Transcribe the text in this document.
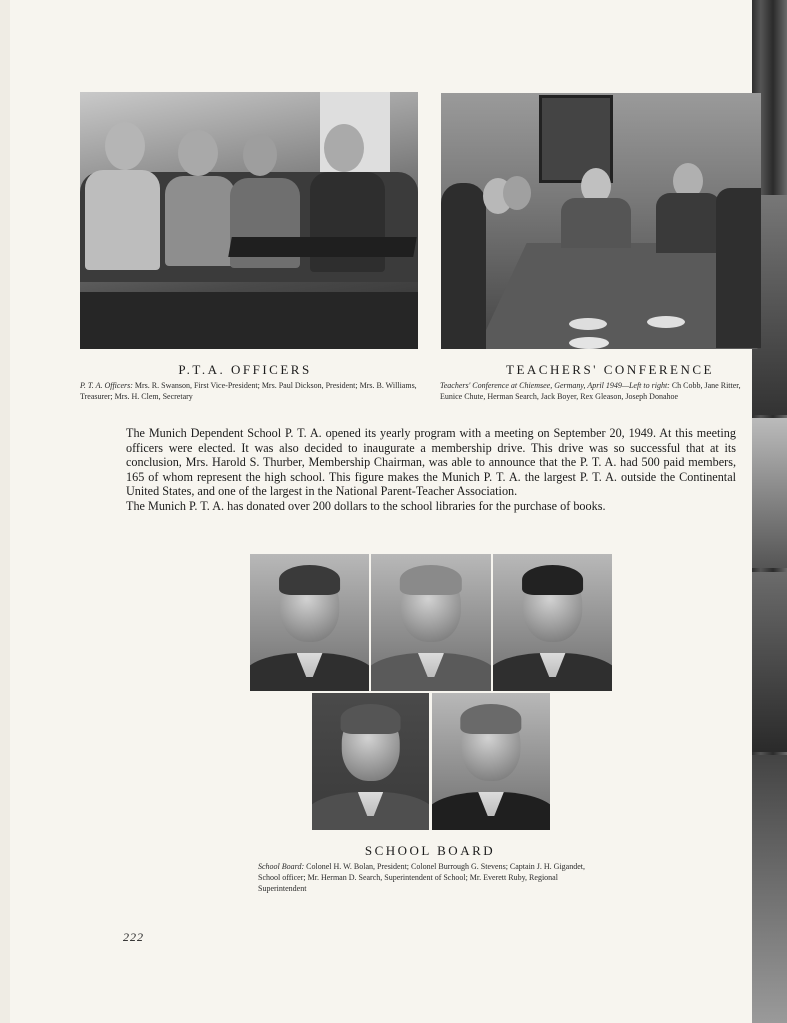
P.T.A. OFFICERS
P. T. A. Officers: Mrs. R. Swanson, First Vice-President; Mrs. Paul Dickson, President; Mrs. B. Williams, Treasurer; Mrs. H. Clem, Secretary
TEACHERS' CONFERENCE
Teachers' Conference at Chiemsee, Germany, April 1949—Left to right: Ch Cobb, Jane Ritter, Eunice Chute, Herman Search, Jack Boyer, Rex Gleason, Joseph Donahoe

The Munich Dependent School P. T. A. opened its yearly program with a meeting on September 20, 1949. At this meeting officers were elected. It was also decided to inaugurate a membership drive. This drive was so successful that at its conclusion, Mrs. Harold S. Thurber, Membership Chairman, was able to announce that the P. T. A. had 500 paid members, 165 of whom represent the high school. This figure makes the Munich P. T. A. the largest P. T. A. outside the Continental United States, and one of the largest in the National Parent-Teacher Association.

The Munich P. T. A. has donated over 200 dollars to the school libraries for the purchase of books.

SCHOOL BOARD
School Board: Colonel H. W. Bolan, President; Colonel Burrough G. Stevens; Captain J. H. Gigandet, School officer; Mr. Herman D. Search, Superintendent of School; Mr. Everett Ruby, Regional Superintendent
222
